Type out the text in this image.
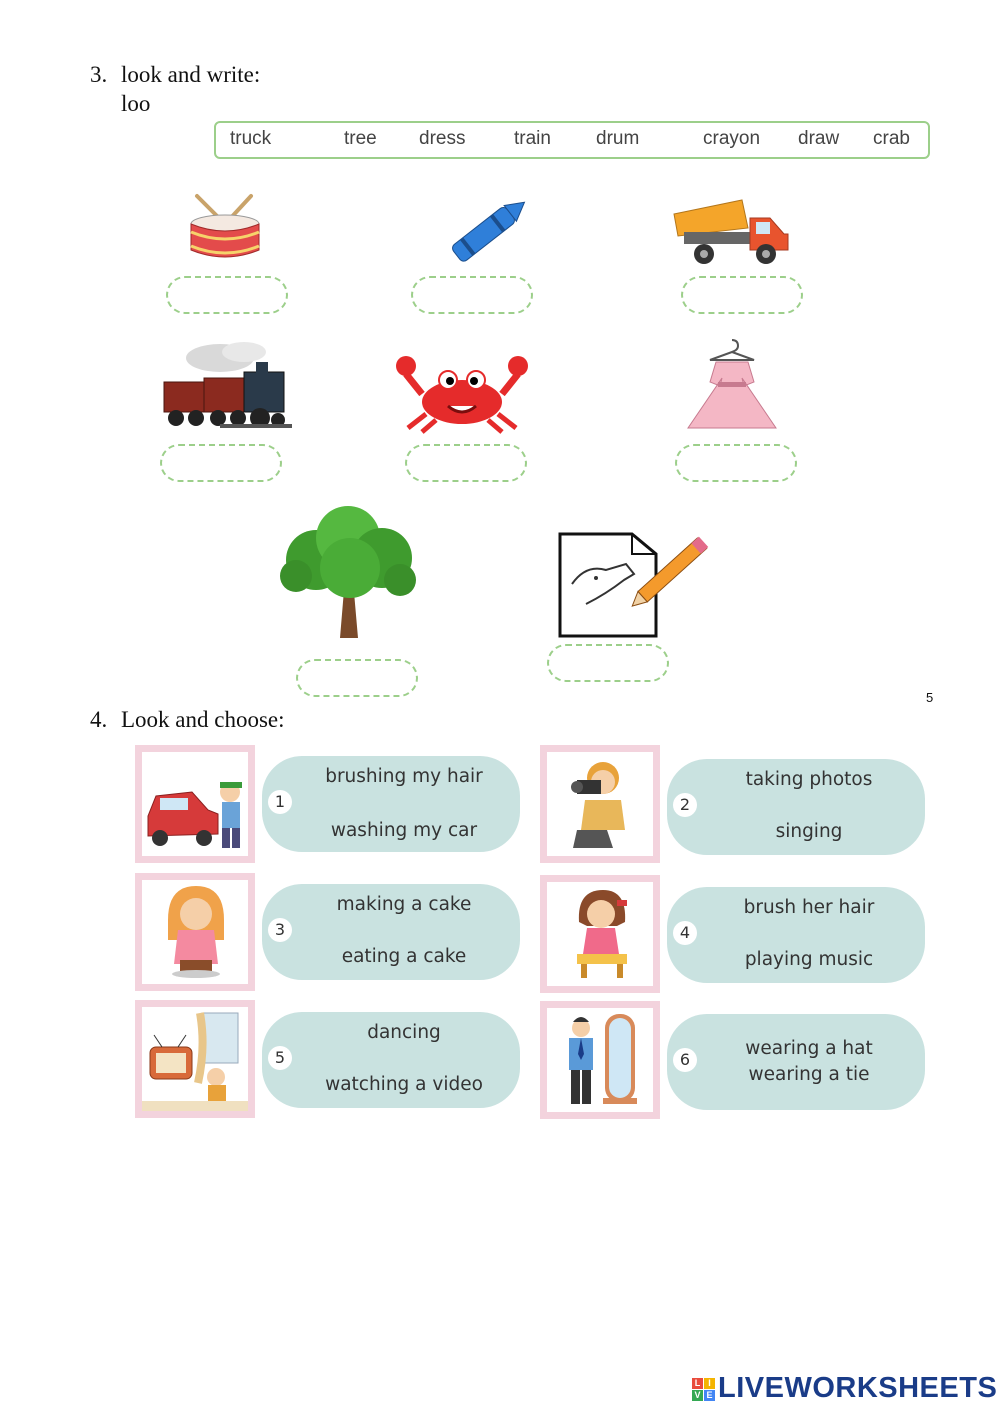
3. look and write:
loo
truck	tree dress	train drum	crayon draw crab
5
4. Look and choose:
1
brushing my hair
washing my car
2
taking photos
singing
3
making a cake
eating a cake
4
brush her hair
playing music
5
dancing
watching a video
6
wearing a hat
wearing a tie
L I
V E LIVEWORKSHEETS
